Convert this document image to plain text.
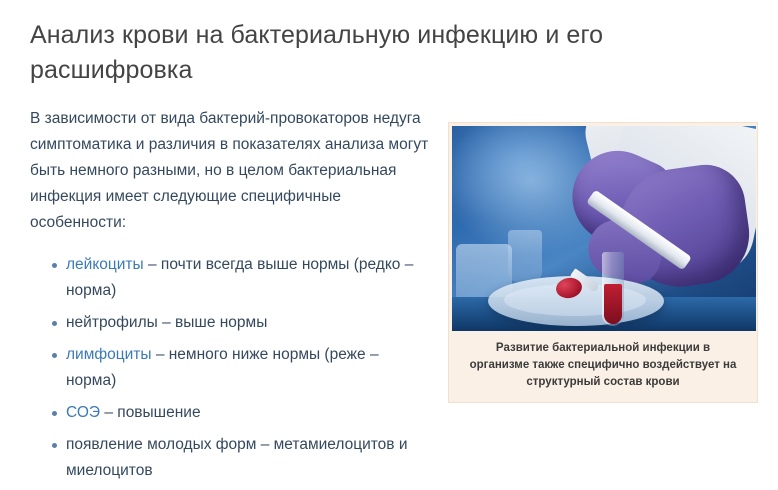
Анализ крови на бактериальную инфекцию и его расшифровка

В зависимости от вида бактерий-провокаторов недуга симптоматика и различия в показателях анализа могут быть немного разными, но в целом бактериальная инфекция имеет следующие специфичные особенности:

лейкоциты – почти всегда выше нормы (редко – норма)
нейтрофилы – выше нормы
лимфоциты – немного ниже нормы (реже – норма)
СОЭ – повышение
появление молодых форм – метамиелоцитов и миелоцитов
Развитие бактериальной инфекции в организме также специфично воздействует на структурный состав крови
